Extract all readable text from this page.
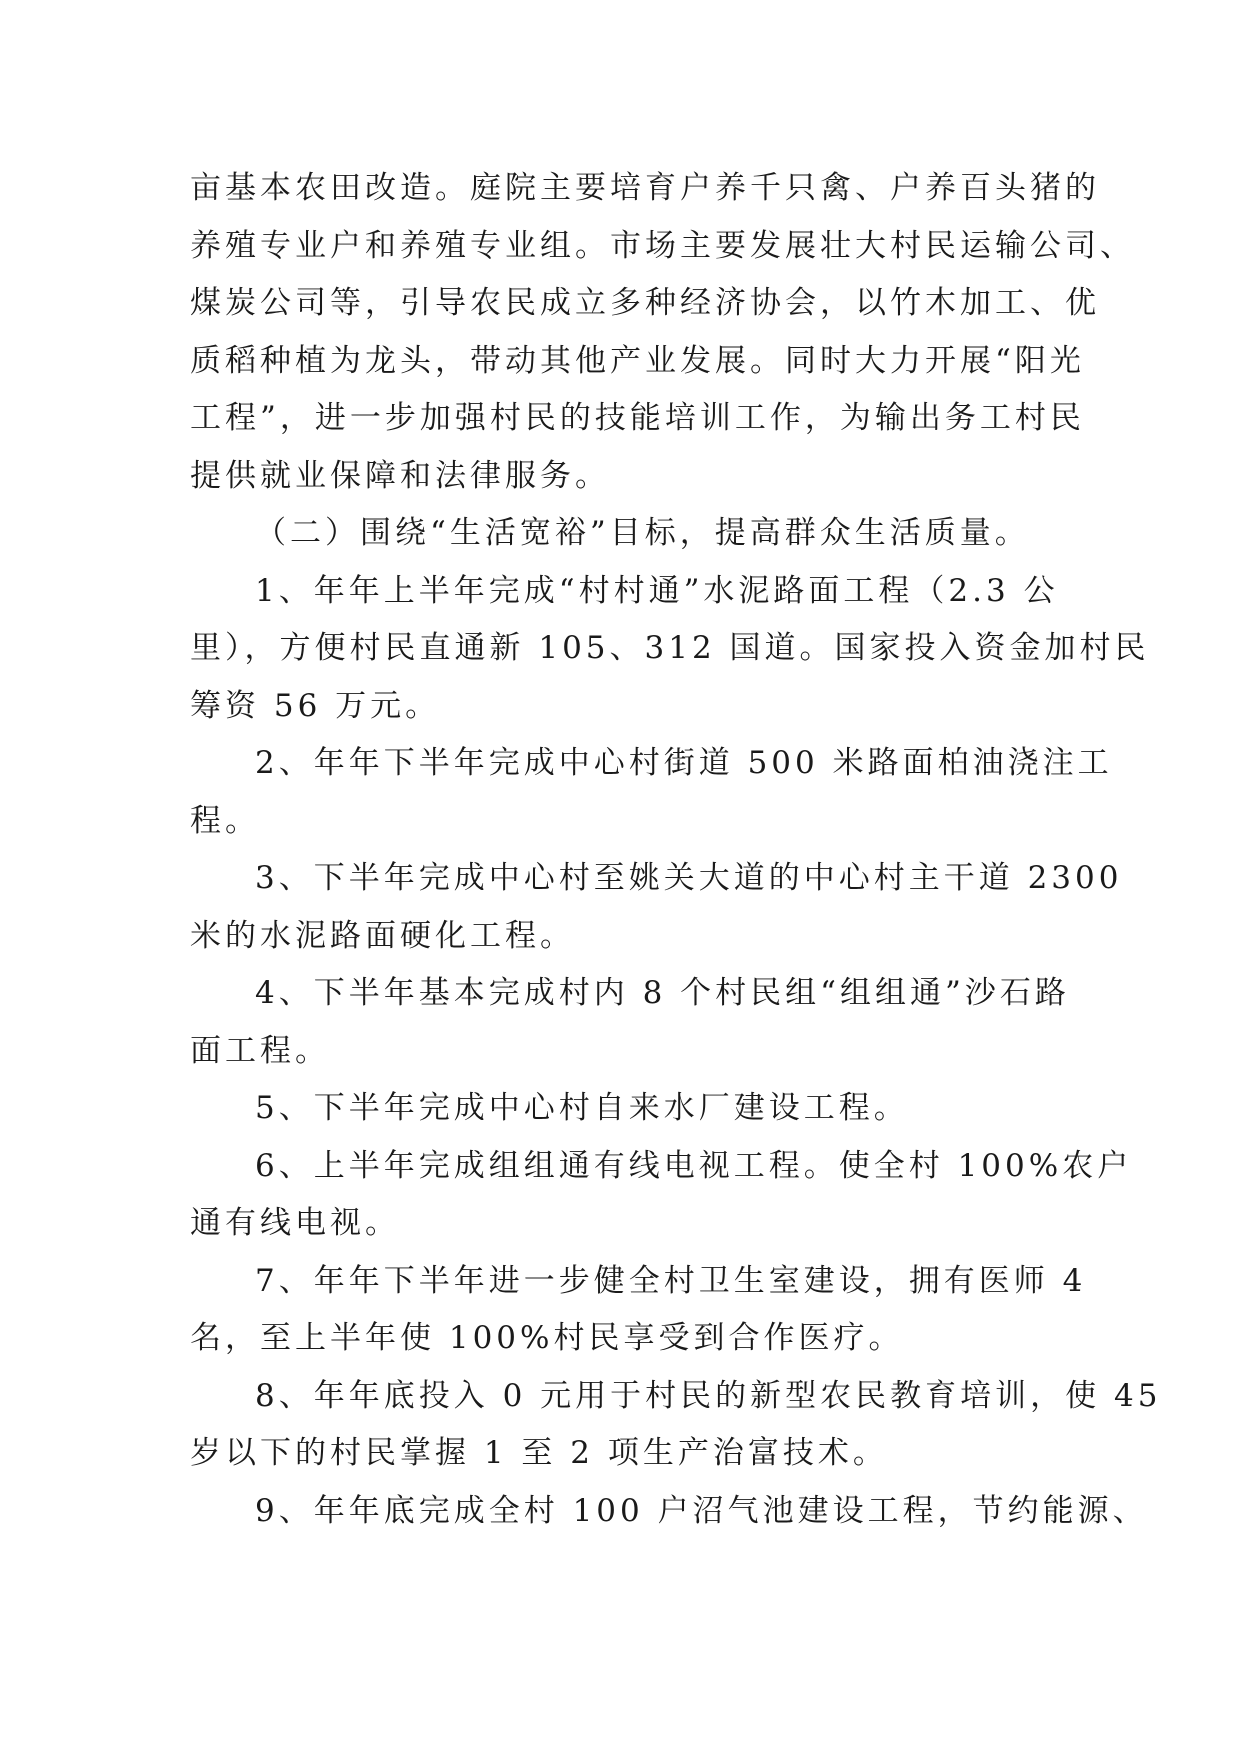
亩基本农田改造。庭院主要培育户养千只禽、户养百头猪的

养殖专业户和养殖专业组。市场主要发展壮大村民运输公司、

煤炭公司等，引导农民成立多种经济协会，以竹木加工、优

质稻种植为龙头，带动其他产业发展。同时大力开展“阳光

工程”，进一步加强村民的技能培训工作，为输出务工村民

提供就业保障和法律服务。

（二）围绕“生活宽裕”目标，提高群众生活质量。

1、年年上半年完成“村村通”水泥路面工程（2.3 公

里），方便村民直通新 105、312 国道。国家投入资金加村民

筹资 56 万元。

2、年年下半年完成中心村街道 500 米路面柏油浇注工

程。

3、下半年完成中心村至姚关大道的中心村主干道 2300

米的水泥路面硬化工程。

4、下半年基本完成村内 8 个村民组“组组通”沙石路

面工程。

5、下半年完成中心村自来水厂建设工程。

6、上半年完成组组通有线电视工程。使全村 100%农户

通有线电视。

7、年年下半年进一步健全村卫生室建设，拥有医师 4

名，至上半年使 100%村民享受到合作医疗。

8、年年底投入 0 元用于村民的新型农民教育培训，使 45

岁以下的村民掌握 1 至 2 项生产治富技术。

9、年年底完成全村 100 户沼气池建设工程，节约能源、
